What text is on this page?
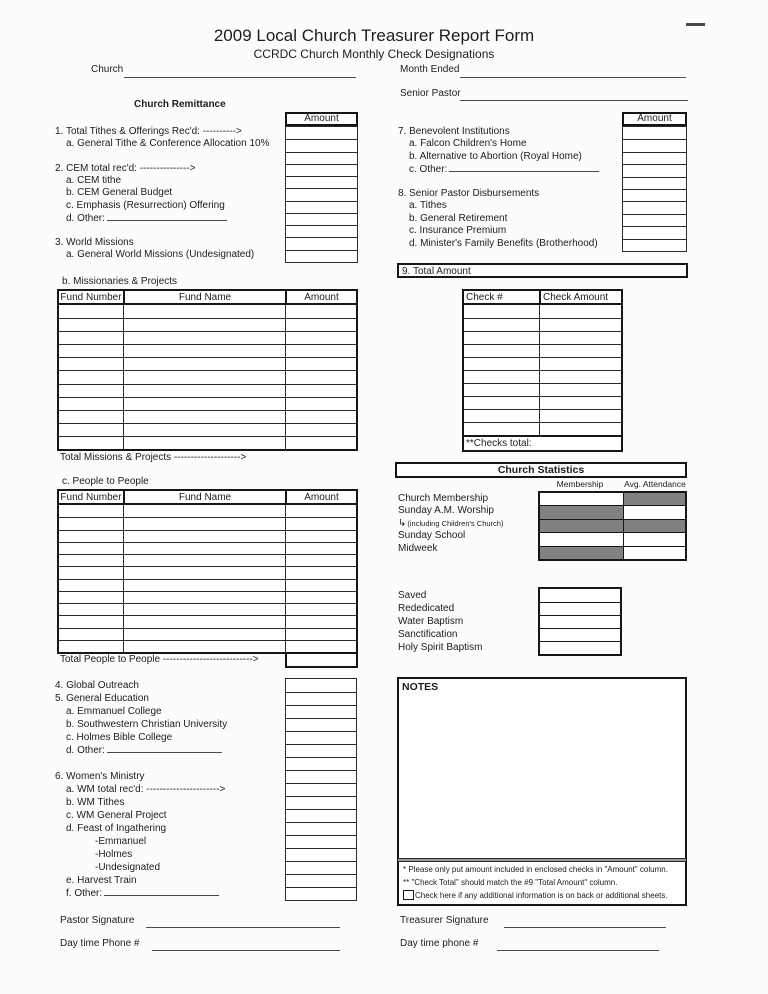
2009 Local Church Treasurer Report Form
CCRDC Church Monthly Check Designations
Church	Month Ended
Senior Pastor
Church Remittance
Amount
1. Total Tithes & Offerings Rec'd: ---------->
a. General Tithe & Conference Allocation 10%
2. CEM total rec'd: --------------->
a. CEM tithe
b. CEM General Budget
c. Emphasis (Resurrection) Offering
d. Other:
3. World Missions
a. General World Missions (Undesignated)
Amount
7. Benevolent Institutions
a. Falcon Children's Home
b. Alternative to Abortion (Royal Home)
c. Other:
8. Senior Pastor Disbursements
a. Tithes
b. General Retirement
c. Insurance Premium
d. Minister's Family Benefits (Brotherhood)
9. Total Amount
b. Missionaries & Projects
Fund Number	Fund Name	Amount
Total Missions & Projects -------------------->
Check #	Check Amount
**Checks total:
c. People to People
Fund Number	Fund Name	Amount
Total People to People --------------------------->
Church Statistics
Membership	Avg. Attendance
Church Membership
Sunday A.M. Worship
↳(including Children's Church)
Sunday School
Midweek
Saved
Rededicated
Water Baptism
Sanctification
Holy Spirit Baptism
4. Global Outreach
5. General Education
a. Emmanuel College
b. Southwestern Christian University
c. Holmes Bible College
d. Other:
6. Women's Ministry
a. WM total rec'd: ---------------------->
b. WM Tithes
c. WM General Project
d. Feast of Ingathering
-Emmanuel
-Holmes
-Undesignated
e. Harvest Train
f. Other:
NOTES
* Please only put amount included in enclosed checks in "Amount" column.
** "Check Total" should match the #9 "Total Amount" column.
Check here if any additional information is on back or additional sheets.
Pastor Signature
Day time Phone #
Treasurer Signature
Day time phone #
